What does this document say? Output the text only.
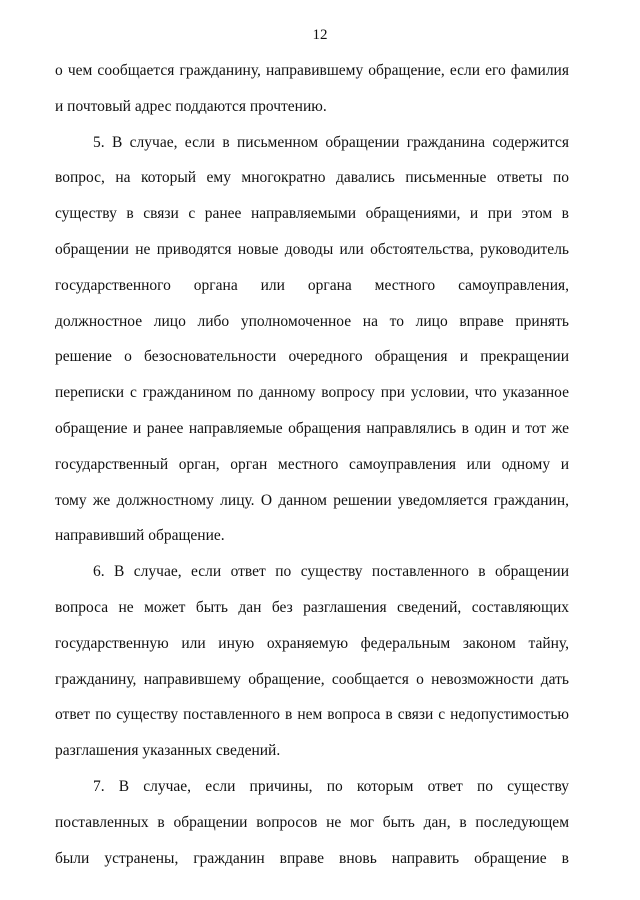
12
о чем сообщается гражданину, направившему обращение, если его фамилия
и почтовый адрес поддаются прочтению.
5. В случае, если в письменном обращении гражданина содержится
вопрос, на который ему многократно давались письменные ответы по
существу в связи с ранее направляемыми обращениями, и при этом в
обращении не приводятся новые доводы или обстоятельства, руководитель
государственного органа или органа местного самоуправления,
должностное лицо либо уполномоченное на то лицо вправе принять
решение о безосновательности очередного обращения и прекращении
переписки с гражданином по данному вопросу при условии, что указанное
обращение и ранее направляемые обращения направлялись в один и тот же
государственный орган, орган местного самоуправления или одному и
тому же должностному лицу. О данном решении уведомляется гражданин,
направивший обращение.
6. В случае, если ответ по существу поставленного в обращении
вопроса не может быть дан без разглашения сведений, составляющих
государственную или иную охраняемую федеральным законом тайну,
гражданину, направившему обращение, сообщается о невозможности дать
ответ по существу поставленного в нем вопроса в связи с недопустимостью
разглашения указанных сведений.
7. В случае, если причины, по которым ответ по существу
поставленных в обращении вопросов не мог быть дан, в последующем
были устранены, гражданин вправе вновь направить обращение в
